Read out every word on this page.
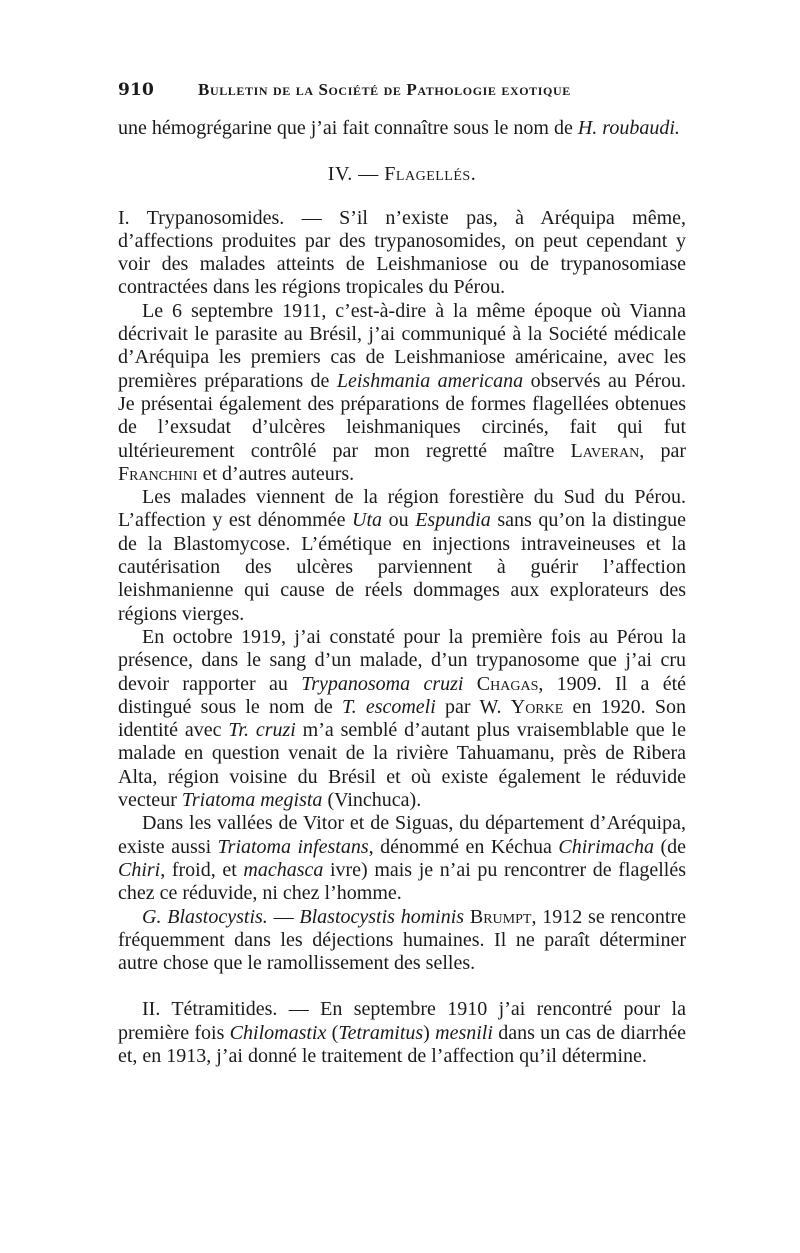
910	Bulletin de la Société de Pathologie exotique

une hémogrégarine que j’ai fait connaître sous le nom de H. roubaudi.

IV. — Flagellés.

I. Trypanosomides. — S’il n’existe pas, à Aréquipa même, d’affections produites par des trypanosomides, on peut cependant y voir des malades atteints de Leishmaniose ou de trypanosomiase contractées dans les régions tropicales du Pérou.

Le 6 septembre 1911, c’est-à-dire à la même époque où Vianna décrivait le parasite au Brésil, j’ai communiqué à la Société médicale d’Aréquipa les premiers cas de Leishmaniose américaine, avec les premières préparations de Leishmania americana observés au Pérou. Je présentai également des préparations de formes flagellées obtenues de l’exsudat d’ulcères leishmaniques circinés, fait qui fut ultérieurement contrôlé par mon regretté maître Laveran, par Franchini et d’autres auteurs.

Les malades viennent de la région forestière du Sud du Pérou. L’affection y est dénommée Uta ou Espundia sans qu’on la distingue de la Blastomycose. L’émétique en injections intraveineuses et la cautérisation des ulcères parviennent à guérir l’affection leishmanienne qui cause de réels dommages aux explorateurs des régions vierges.

En octobre 1919, j’ai constaté pour la première fois au Pérou la présence, dans le sang d’un malade, d’un trypanosome que j’ai cru devoir rapporter au Trypanosoma cruzi Chagas, 1909. Il a été distingué sous le nom de T. escomeli par W. Yorke en 1920. Son identité avec Tr. cruzi m’a semblé d’autant plus vraisemblable que le malade en question venait de la rivière Tahuamanu, près de Ribera Alta, région voisine du Brésil et où existe également le réduvide vecteur Triatoma megista (Vinchuca).

Dans les vallées de Vitor et de Siguas, du département d’Aréquipa, existe aussi Triatoma infestans, dénommé en Kéchua Chirimacha (de Chiri, froid, et machasca ivre) mais je n’ai pu rencontrer de flagellés chez ce réduvide, ni chez l’homme.

G. Blastocystis. — Blastocystis hominis Brumpt, 1912 se rencontre fréquemment dans les déjections humaines. Il ne paraît déterminer autre chose que le ramollissement des selles.

II. Tétramitides. — En septembre 1910 j’ai rencontré pour la première fois Chilomastix (Tetramitus) mesnili dans un cas de diarrhée et, en 1913, j’ai donné le traitement de l’affection qu’il détermine.
